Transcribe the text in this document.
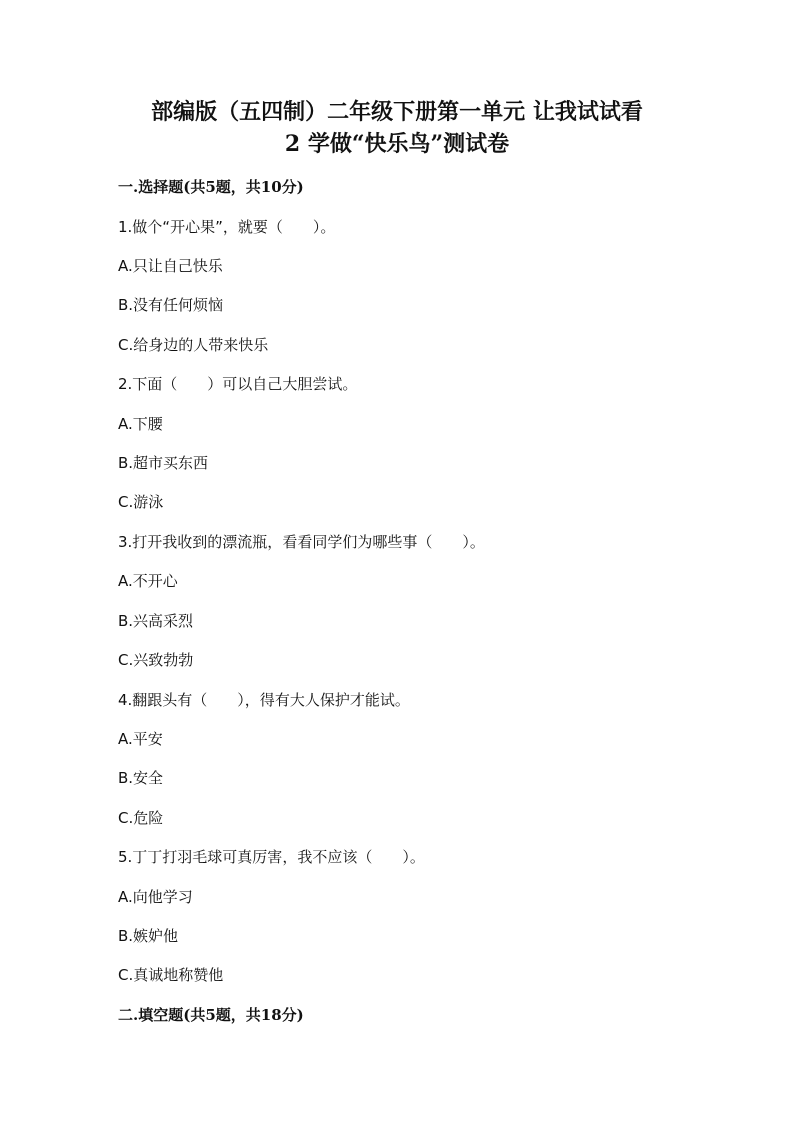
部编版（五四制）二年级下册第一单元 让我试试看
2 学做“快乐鸟”测试卷
一.选择题(共5题，共10分)
1.做个“开心果”，就要（　　）。
A.只让自己快乐
B.没有任何烦恼
C.给身边的人带来快乐
2.下面（　　）可以自己大胆尝试。
A.下腰
B.超市买东西
C.游泳
3.打开我收到的漂流瓶，看看同学们为哪些事（　　）。
A.不开心
B.兴高采烈
C.兴致勃勃
4.翻跟头有（　　），得有大人保护才能试。
A.平安
B.安全
C.危险
5.丁丁打羽毛球可真厉害，我不应该（　　）。
A.向他学习
B.嫉妒他
C.真诚地称赞他
二.填空题(共5题，共18分)
